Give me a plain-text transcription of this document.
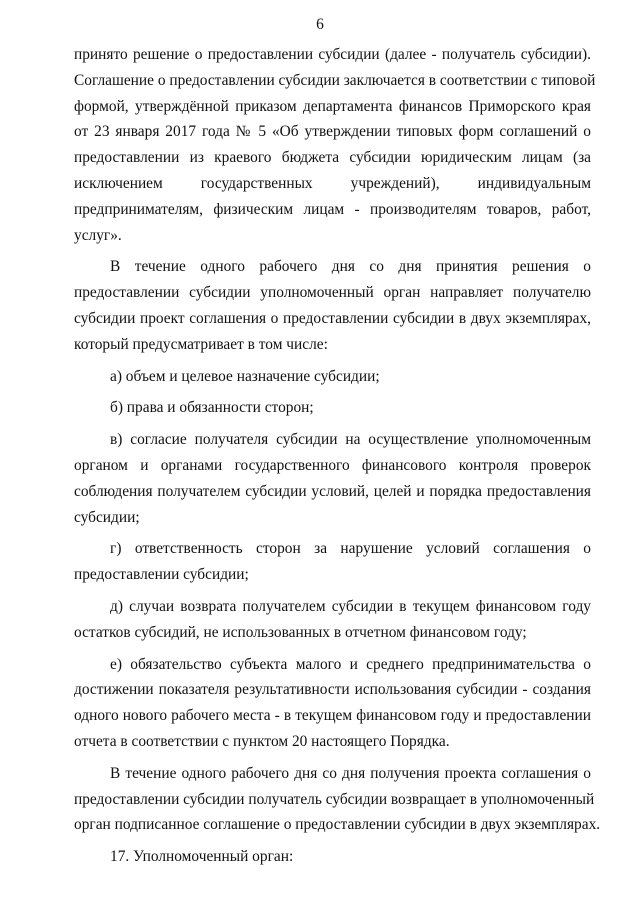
6
принято решение о предоставлении субсидии (далее - получатель субсидии).
Соглашение о предоставлении субсидии заключается в соответствии с типовой
формой, утверждённой приказом департамента финансов Приморского края
от 23 января 2017 года № 5 «Об утверждении типовых форм соглашений о
предоставлении из краевого бюджета субсидии юридическим лицам (за
исключением государственных учреждений), индивидуальным
предпринимателям, физическим лицам - производителям товаров, работ,
услуг».
В течение одного рабочего дня со дня принятия решения о
предоставлении субсидии уполномоченный орган направляет получателю
субсидии проект соглашения о предоставлении субсидии в двух экземплярах,
который предусматривает в том числе:
а) объем и целевое назначение субсидии;
б) права и обязанности сторон;
в) согласие получателя субсидии на осуществление уполномоченным
органом и органами государственного финансового контроля проверок
соблюдения получателем субсидии условий, целей и порядка предоставления
субсидии;
г) ответственность сторон за нарушение условий соглашения о
предоставлении субсидии;
д) случаи возврата получателем субсидии в текущем финансовом году
остатков субсидий, не использованных в отчетном финансовом году;
е) обязательство субъекта малого и среднего предпринимательства о
достижении показателя результативности использования субсидии - создания
одного нового рабочего места - в текущем финансовом году и предоставлении
отчета в соответствии с пунктом 20 настоящего Порядка.
В течение одного рабочего дня со дня получения проекта соглашения о
предоставлении субсидии получатель субсидии возвращает в уполномоченный
орган подписанное соглашение о предоставлении субсидии в двух экземплярах.
17. Уполномоченный орган:
